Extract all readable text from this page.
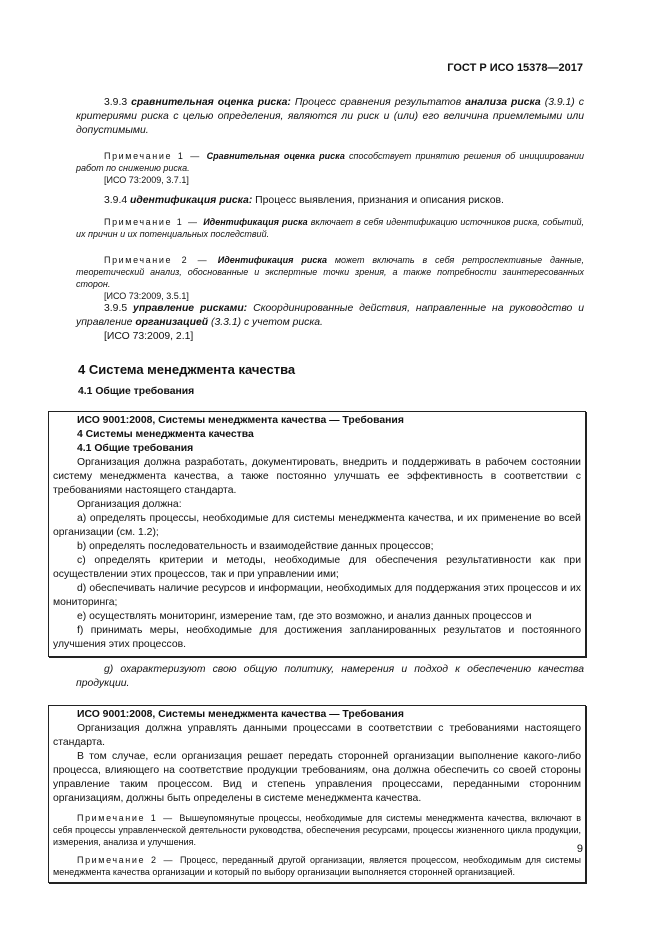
ГОСТ Р ИСО 15378—2017

3.9.3 сравнительная оценка риска: Процесс сравнения результатов анализа риска (3.9.1) с критериями риска с целью определения, являются ли риск и (или) его величина приемлемыми или допустимыми.

Примечание 1 — Сравнительная оценка риска способствует принятию решения об инициировании работ по снижению риска.

[ИСО 73:2009, 3.7.1]

3.9.4 идентификация риска: Процесс выявления, признания и описания рисков.

Примечание 1 — Идентификация риска включает в себя идентификацию источников риска, событий, их причин и их потенциальных последствий.

Примечание 2 — Идентификация риска может включать в себя ретроспективные данные, теоретический анализ, обоснованные и экспертные точки зрения, а также потребности заинтересованных сторон.

[ИСО 73:2009, 3.5.1]

3.9.5 управление рисками: Скоординированные действия, направленные на руководство и управление организацией (3.3.1) с учетом риска.

[ИСО 73:2009, 2.1]

4 Система менеджмента качества

4.1 Общие требования

ИСО 9001:2008, Системы менеджмента качества — Требования

4 Системы менеджмента качества

4.1 Общие требования

Организация должна разработать, документировать, внедрить и поддерживать в рабочем состоянии систему менеджмента качества, а также постоянно улучшать ее эффективность в соответствии с требованиями настоящего стандарта.

Организация должна:

a) определять процессы, необходимые для системы менеджмента качества, и их применение во всей организации (см. 1.2);

b) определять последовательность и взаимодействие данных процессов;

c) определять критерии и методы, необходимые для обеспечения результативности как при осуществлении этих процессов, так и при управлении ими;

d) обеспечивать наличие ресурсов и информации, необходимых для поддержания этих процессов и их мониторинга;

e) осуществлять мониторинг, измерение там, где это возможно, и анализ данных процессов и

f) принимать меры, необходимые для достижения запланированных результатов и постоянного улучшения этих процессов.

g) охарактеризуют свою общую политику, намерения и подход к обеспечению качества продукции.

ИСО 9001:2008, Системы менеджмента качества — Требования

Организация должна управлять данными процессами в соответствии с требованиями настоящего стандарта.

В том случае, если организация решает передать сторонней организации выполнение какого-либо процесса, влияющего на соответствие продукции требованиям, она должна обеспечить со своей стороны управление таким процессом. Вид и степень управления процессами, переданными сторонним организациям, должны быть определены в системе менеджмента качества.

Примечание 1 — Вышеупомянутые процессы, необходимые для системы менеджмента качества, включают в себя процессы управленческой деятельности руководства, обеспечения ресурсами, процессы жизненного цикла продукции, измерения, анализа и улучшения.

Примечание 2 — Процесс, переданный другой организации, является процессом, необходимым для системы менеджмента качества организации и который по выбору организации выполняется сторонней организацией.

9
